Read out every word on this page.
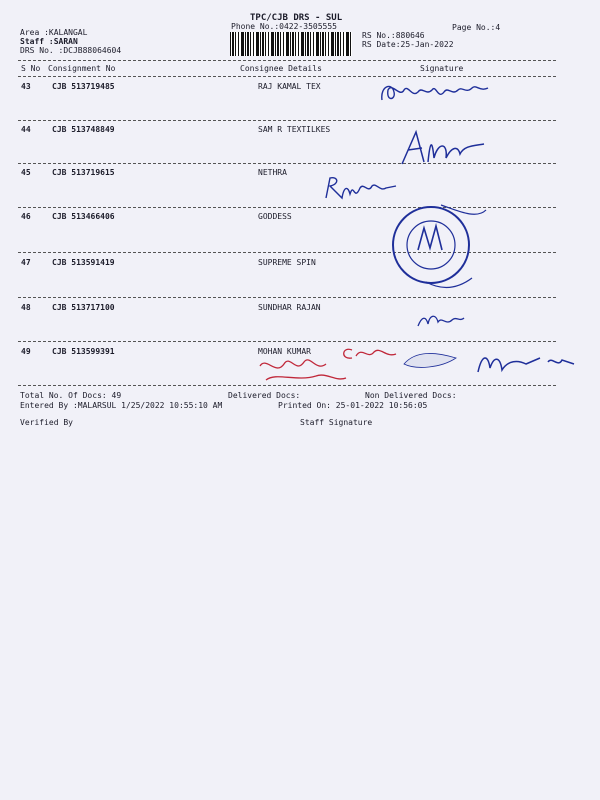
TPC/CJB DRS - SUL
Phone No.:0422-3505555	Page No.:4
Area :KALANGAL
Staff :SARAN
DRS No. :DCJB88064604
RS No.:880646
RS Date:25-Jan-2022
S No Consignment No	Consignee Details	Signature
43	CJB 513719485	RAJ KAMAL TEX
44	CJB 513748849	SAM R TEXTILKES
45	CJB 513719615	NETHRA
46	CJB 513466406	GODDESS
47	CJB 513591419	SUPREME SPIN
48	CJB 513717100	SUNDHAR RAJAN
49	CJB 513599391	MOHAN KUMAR
Total No. Of Docs: 49	Delivered Docs:	Non Delivered Docs:
Entered By :MALARSUL 1/25/2022 10:55:10 AM	Printed On: 25-01-2022 10:56:05
Verified By	Staff Signature
